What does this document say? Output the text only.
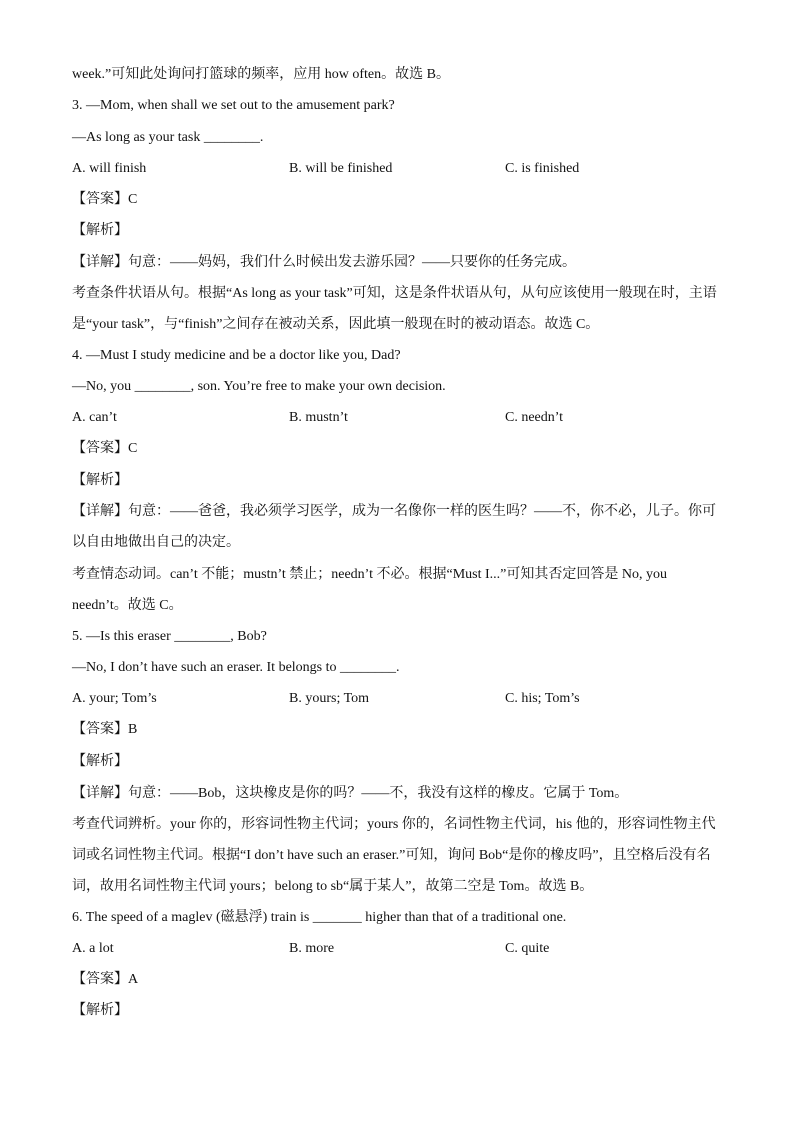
week.”可知此处询问打篮球的频率，应用 how often。故选 B。
3. —Mom, when shall we set out to the amusement park?
—As long as your task ________.
A. will finish	B. will be finished	C. is finished
【答案】C
【解析】
【详解】句意：——妈妈，我们什么时候出发去游乐园？——只要你的任务完成。
考查条件状语从句。根据“As long as your task”可知，这是条件状语从句，从句应该使用一般现在时，主语
是“your task”，与“finish”之间存在被动关系，因此填一般现在时的被动语态。故选 C。
4. —Must I study medicine and be a doctor like you, Dad?
—No, you ________, son. You’re free to make your own decision.
A. can’t	B. mustn’t	C. needn’t
【答案】C
【解析】
【详解】句意：——爸爸，我必须学习医学，成为一名像你一样的医生吗？——不，你不必，儿子。你可
以自由地做出自己的决定。
考查情态动词。can’t 不能；mustn’t 禁止；needn’t 不必。根据“Must I...”可知其否定回答是 No, you
needn’t。故选 C。
5. —Is this eraser ________, Bob?
—No, I don’t have such an eraser. It belongs to ________.
A. your; Tom’s	B. yours; Tom	C. his; Tom’s
【答案】B
【解析】
【详解】句意：——Bob，这块橡皮是你的吗？——不，我没有这样的橡皮。它属于 Tom。
考查代词辨析。your 你的，形容词性物主代词；yours 你的，名词性物主代词，his 他的，形容词性物主代
词或名词性物主代词。根据“I don’t have such an eraser.”可知，询问 Bob“是你的橡皮吗”，且空格后没有名
词，故用名词性物主代词 yours；belong to sb“属于某人”，故第二空是 Tom。故选 B。
6. The speed of a maglev (磁悬浮) train is _______ higher than that of a traditional one.
A. a lot	B. more	C. quite
【答案】A
【解析】
